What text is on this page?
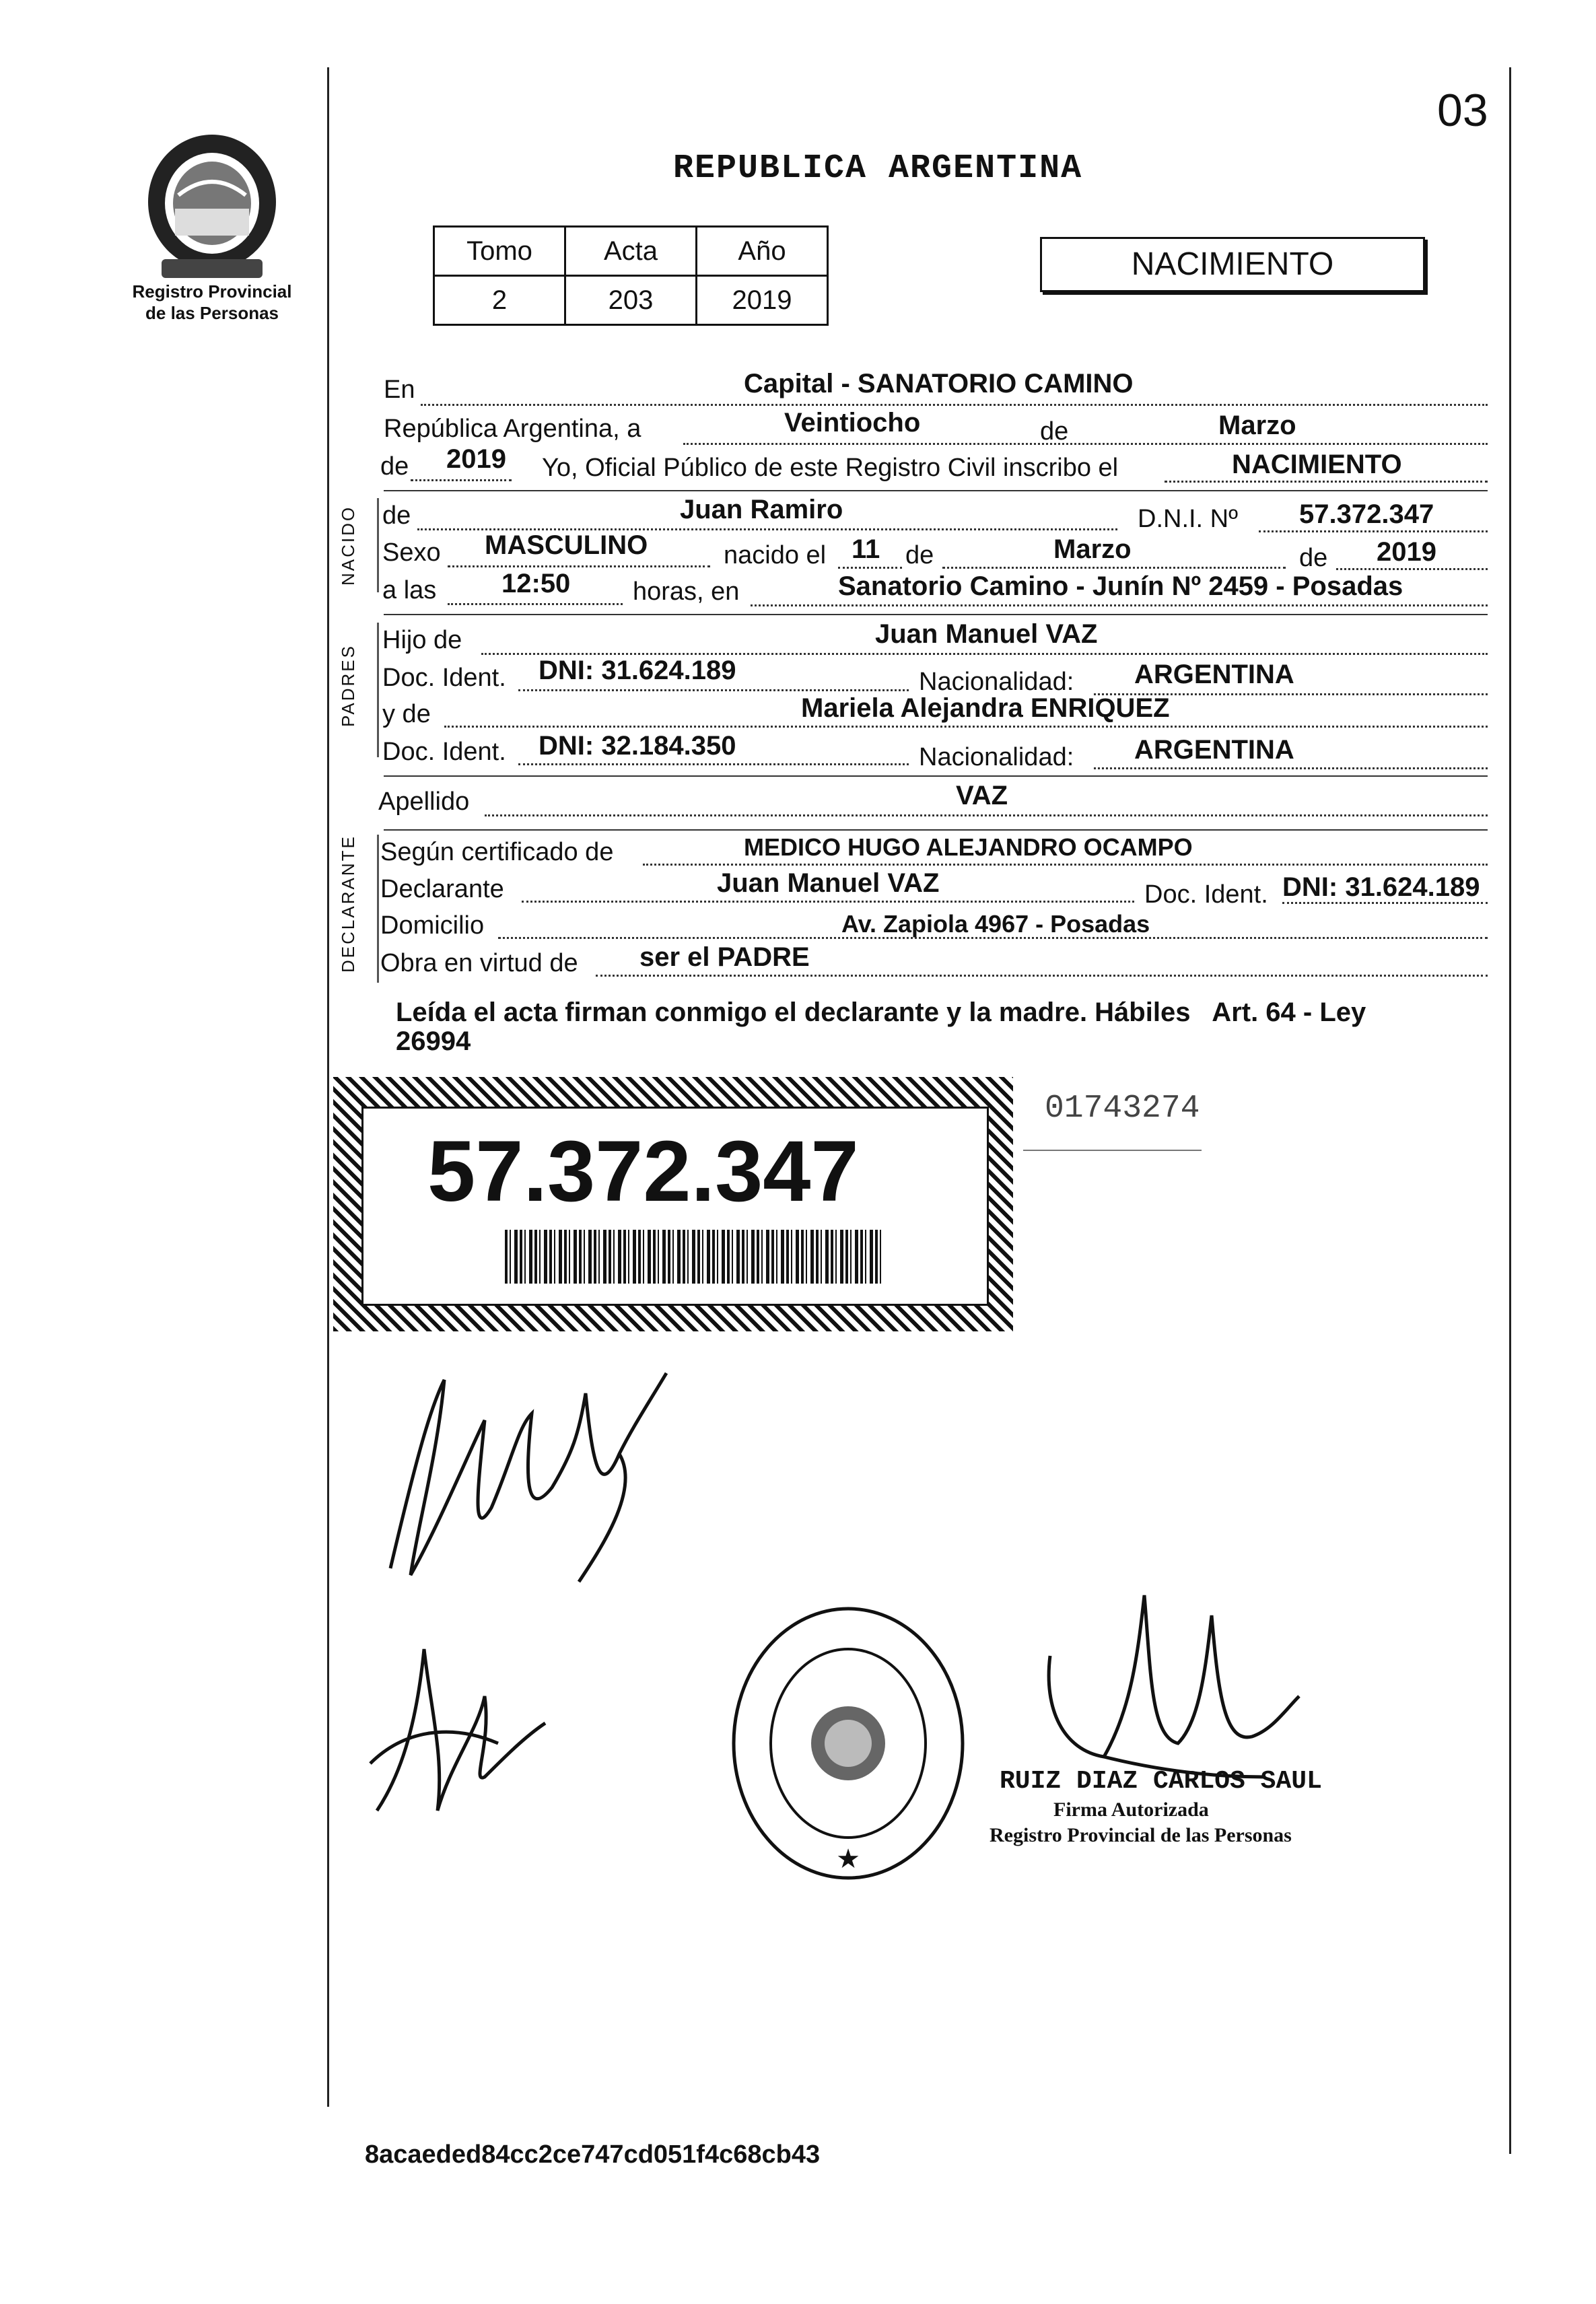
Registro Provincial
de las Personas
03
REPUBLICA ARGENTINA
Tomo	Acta	Año
2	203	2019
NACIMIENTO
En	Capital - SANATORIO CAMINO
República Argentina, a	Veintiocho	de	Marzo
de 2019 Yo, Oficial Público de este Registro Civil inscribo el	NACIMIENTO
NACIDO de	Juan Ramiro	D.N.I. Nº 57.372.347
Sexo MASCULINO	nacido el 11 de	Marzo	de 2019
a las 12:50 horas, en	Sanatorio Camino - Junín Nº 2459 - Posadas
PADRES
Hijo de	Juan Manuel VAZ
Doc. Ident. DNI: 31.624.189	Nacionalidad: ARGENTINA
y de	Mariela Alejandra ENRIQUEZ
Doc. Ident. DNI: 32.184.350	Nacionalidad: ARGENTINA
Apellido	VAZ
DECLARANTE Según certificado de	MEDICO HUGO ALEJANDRO OCAMPO
Declarante	Juan Manuel VAZ	Doc. Ident. DNI: 31.624.189
Domicilio	Av. Zapiola 4967 - Posadas
Obra en virtud de ser el PADRE
Leída el acta firman conmigo el declarante y la madre. Hábiles   Art. 64 - Ley
26994
57.372.347
01743274
★
RUIZ DIAZ CARLOS SAUL
Firma Autorizada
Registro Provincial de las Personas
8acaeded84cc2ce747cd051f4c68cb43
